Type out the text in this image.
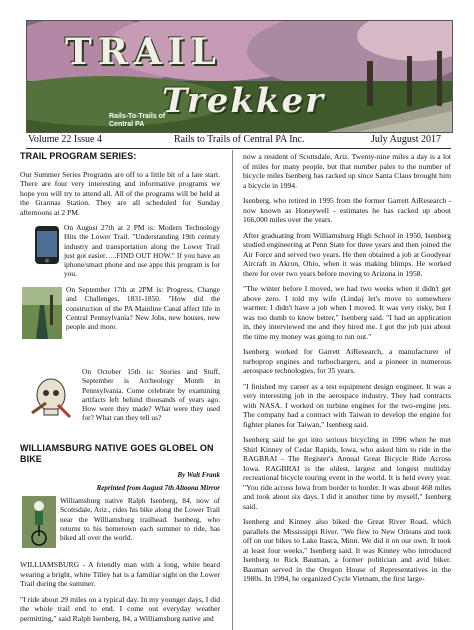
TRAIL
Trekker
Rails-To-Trails of Central PA
Volume 22 Issue 4	Rails to Trails of Central PA Inc.	July August 2017
TRAIL PROGRAM SERIES:

Our Summer Series Programs are off to a little bit of a late start. There are four very interesting and informative programs we hope you will try to attend all. All of the programs will be held at the Grannas Station. They are all scheduled for Sunday afternoons at 2 PM.

On August 27th at 2 PM is: Modern Technology Hits the Lower Trail. "Understanding 19th century industry and transportation along the Lower Trail just got easier…..FIND OUT HOW." If you have an iphone/smart phone and use apps this program is for you.

On September 17th at 2PM is: Progress, Change and Challenges, 1831-1850. "How did the construction of the PA Mainline Canal affect life in Central Pennsylvania? New Jobs, new houses, new people and more.

On October 15th is: Stories and Stuff, September is Archeology Month in Pennsylvania. Come celebrate by examining artifacts left behind thousands of years ago. How were they made? What were they used for? What can they tell us?

WILLIAMSBURG NATIVE GOES GLOBEL ON BIKE
By Walt Frank
Reprinted from August 7th Altoona Mirror

Williamsburg native Ralph Isenberg, 84, now of Scottsdale, Ariz., rides his bike along the Lower Trail near the Williamsburg trailhead. Isenberg, who returns to his hometown each summer to ride, has biked all over the world.

WILLIAMSBURG - A friendly man with a long, white beard wearing a bright, white Tilley hat is a familiar sight on the Lower Trail during the summer.

"I ride about 29 miles on a typical day. In my younger days, I did the whole trail end to end. I come out everyday weather permitting," said Ralph Isenberg, 84, a Williamsburg native and

now a resident of Scottsdale, Ariz. Twenty-nine miles a day is a lot of miles for many people, but that number pales to the number of bicycle miles Isenberg has racked up since Santa Claus brought him a bicycle in 1994.

Isenberg, who retired in 1995 from the former Garrett AiResearch - now known as Honeywell - estimates he has racked up about 166,000 miles over the years.

After graduating from Williamsburg High School in 1950, Isenberg studied engineering at Penn State for three years and then joined the Air Force and served two years. He then obtained a job at Goodyear Aircraft in Akron, Ohio, when it was making blimps. He worked there for over two years before moving to Arizona in 1958.

"The winter before I moved, we had two weeks when it didn't get above zero. I told my wife (Linda) let's move to somewhere warmer. I didn't have a job when I moved. It was very risky, but I was too dumb to know better," Isenberg said. "I had an application in, they interviewed me and they hired me. I got the job just about the time my money was going to run out."

Isenberg worked for Garrett AiResearch, a manufacturer of turboprop engines and turbochargers, and a pioneer in numerous aerospace technologies, for 35 years.

"I finished my career as a test equipment design engineer. It was a very interesting job in the aerospace industry. They had contracts with NASA. I worked on turbine engines for the two-engine jets. The company had a contract with Taiwan to develop the engine for fighter planes for Taiwan," Isenberg said.

Isenberg said he got into serious bicycling in 1996 when he met Shirl Kinney of Cedar Rapids, Iowa, who asked him to ride in the RAGBRAI - The Register's Annual Great Bicycle Ride Across Iowa. RAGBRAI is the oldest, largest and longest multiday recreational bicycle touring event in the world. It is held every year. "You ride across Iowa from border to border. It was about 468 miles and took about six days. I did it another time by myself," Isenberg said.

Isenberg and Kinney also biked the Great River Road, which parallels the Mississippi River. "We flew to New Orleans and took off on our bikes to Lake Itasca, Minn. We did it on our own. It took at least four weeks," Isenberg said. It was Kinney who introduced Isenberg to Rick Bauman, a former politician and avid biker. Bauman served in the Oregon House of Representatives in the 1980s. In 1994, he organized Cycle Vietnam, the first large-
